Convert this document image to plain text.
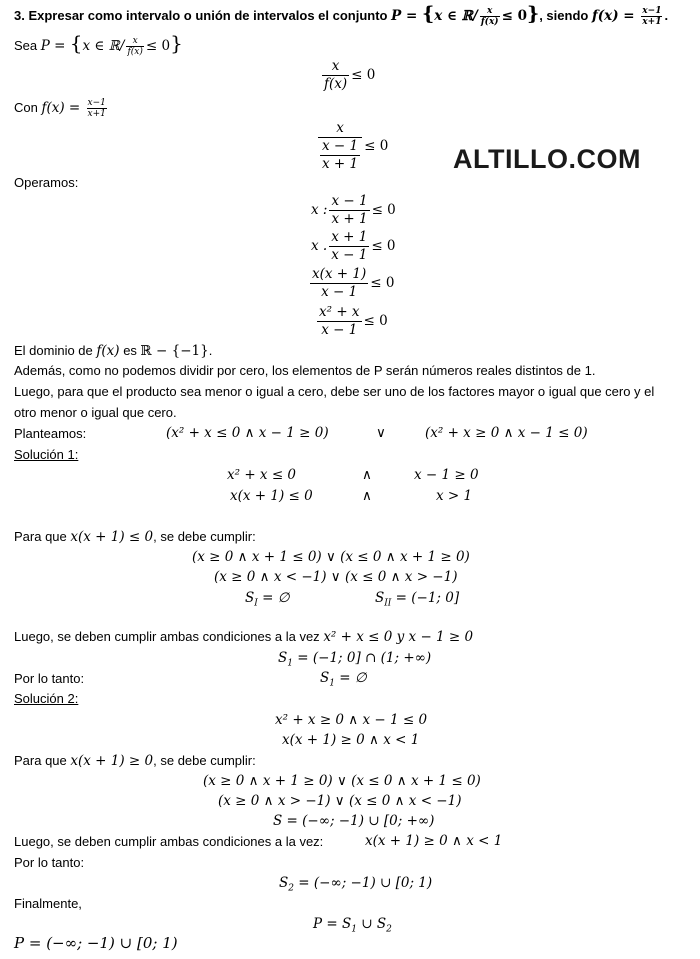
3. Expresar como intervalo o unión de intervalos el conjunto P = {x ∈ ℝ/ $\frac{x}{f(x)} \le 0$}, siendo $f(x) = \frac{x-1}{x+1}$ .
Sea P = {x ∈ ℝ/ $\frac{x}{f(x)} \le 0$}
$\frac{x}{f(x)} \le 0$
Con $f(x) = \frac{x-1}{x+1}$
$\frac{x}{\frac{x - 1}{x + 1}} \le 0$ ALTILLO.COM
Operamos:
x : $\frac{x - 1}{x + 1} \le 0$
x . $\frac{x + 1}{x - 1} \le 0$
$\frac{x(x + 1)}{x - 1} \le 0$
$\frac{\text{x² + x}}{x - 1} \le 0$
El dominio de f(x) es ℝ − {−1}.
Además, como no podemos dividir por cero, los elementos de P serán números reales distintos de 1.
Luego, para que el producto sea menor o igual a cero, debe ser uno de los factores mayor o igual que cero y el
otro menor o igual que cero.
Planteamos:	(x² + x ≤ 0 ∧ x − 1 ≥ 0)	∨	(x² + x ≥ 0 ∧ x − 1 ≤ 0)
Solución 1:
x² + x ≤ 0	∧	x − 1 ≥ 0
x(x + 1) ≤ 0	∧	x > 1
Para que x(x + 1) ≤ 0, se debe cumplir:
(x ≥ 0 ∧ x + 1 ≤ 0) ∨ (x ≤ 0 ∧ x + 1 ≥ 0)
(x ≥ 0 ∧ x < −1) ∨ (x ≤ 0 ∧ x > −1)
$S_I$ = ∅	$S_{II} = (-1$; 0]
Luego, se deben cumplir ambas condiciones a la vez x² + x ≤ 0 y x − 1 ≥ 0
$S_1 = (-1$; 0] ∩ (1; +∞)
Por lo tanto:	$S_1$ = ∅
Solución 2:
x² + x ≥ 0 ∧ x − 1 ≤ 0
x(x + 1) ≥ 0 ∧ x < 1
Para que x(x + 1) ≥ 0, se debe cumplir:
(x ≥ 0 ∧ x + 1 ≥ 0) ∨ (x ≤ 0 ∧ x + 1 ≤ 0)
(x ≥ 0 ∧ x > −1) ∨ (x ≤ 0 ∧ x < −1)
S = (−∞; −1) ∪ [0; +∞)
Luego, se deben cumplir ambas condiciones a la vez:	x(x + 1) ≥ 0 ∧ x < 1
Por lo tanto:
$S_2$ = (−∞; −1) ∪ [0; 1)
Finalmente,
$P = S_1$ ∪ $S_2$
P = (−∞; −1) ∪ [0; 1)
